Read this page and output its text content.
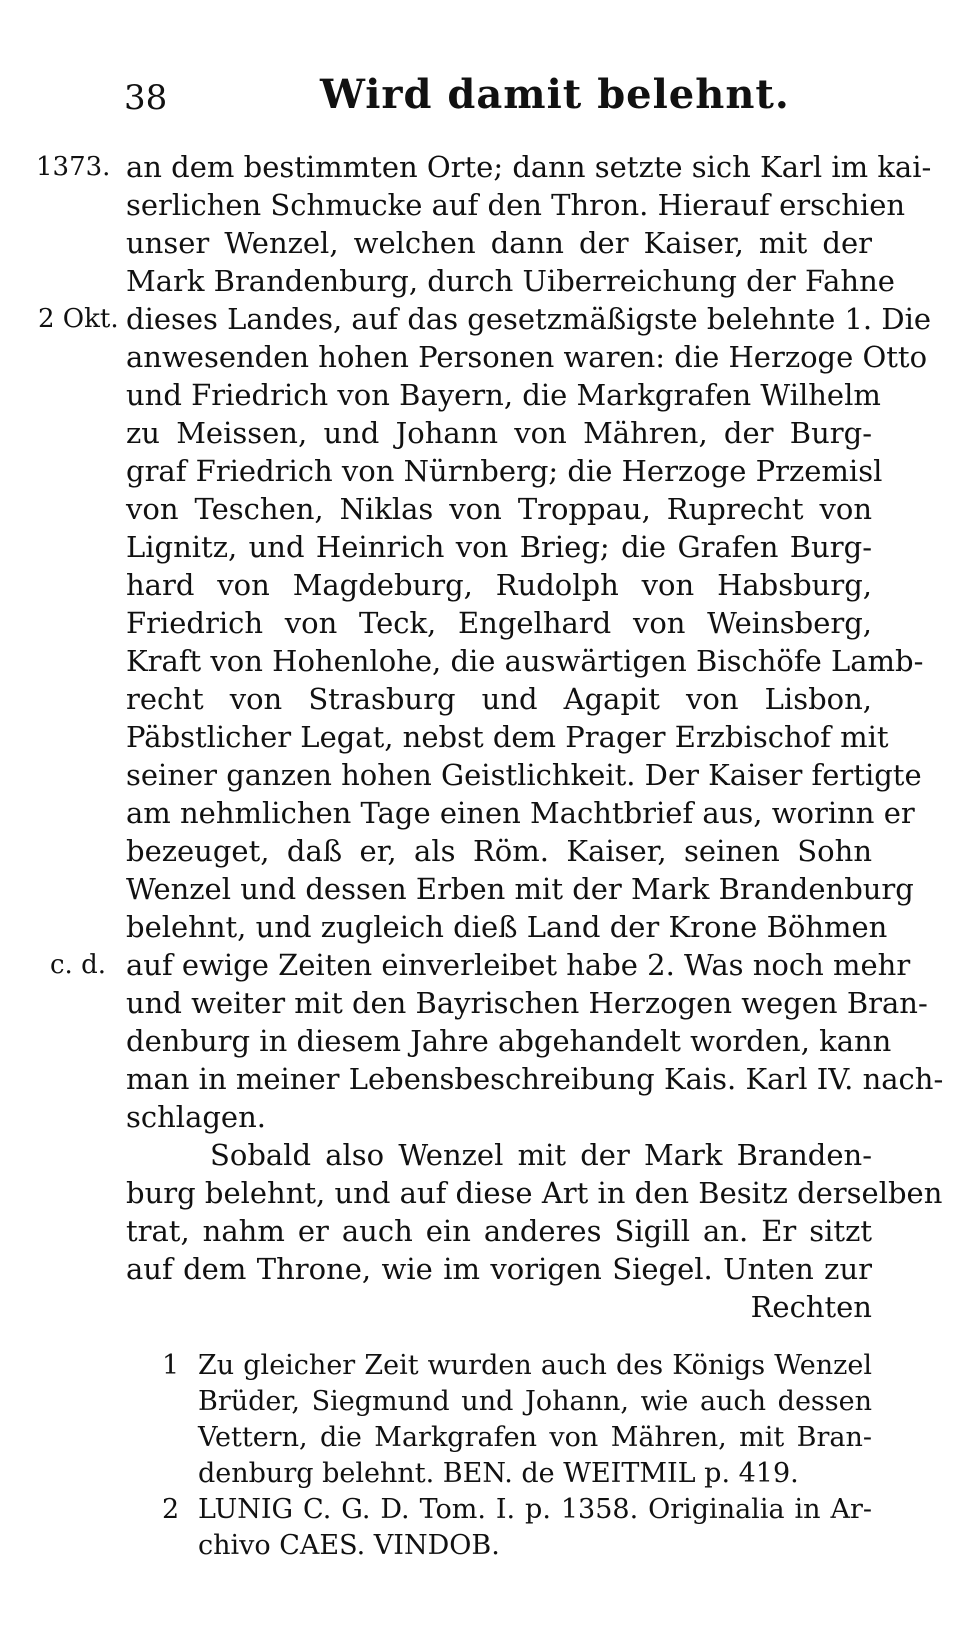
38	Wird damit belehnt.
1373.
2 Okt.
c. d.
an dem bestimmten Orte; dann setzte sich Karl im kai-
serlichen Schmucke auf den Thron. Hierauf erschien
unser Wenzel, welchen dann der Kaiser, mit der
Mark Brandenburg, durch Uiberreichung der Fahne
dieses Landes, auf das gesetzmäßigste belehnte 1. Die
anwesenden hohen Personen waren: die Herzoge Otto
und Friedrich von Bayern, die Markgrafen Wilhelm
zu Meissen, und Johann von Mähren, der Burg-
graf Friedrich von Nürnberg; die Herzoge Przemisl
von Teschen, Niklas von Troppau, Ruprecht von
Lignitz, und Heinrich von Brieg; die Grafen Burg-
hard von Magdeburg, Rudolph von Habsburg,
Friedrich von Teck, Engelhard von Weinsberg,
Kraft von Hohenlohe, die auswärtigen Bischöfe Lamb-
recht von Strasburg und Agapit von Lisbon,
Päbstlicher Legat, nebst dem Prager Erzbischof mit
seiner ganzen hohen Geistlichkeit. Der Kaiser fertigte
am nehmlichen Tage einen Machtbrief aus, worinn er
bezeuget, daß er, als Röm. Kaiser, seinen Sohn
Wenzel und dessen Erben mit der Mark Brandenburg
belehnt, und zugleich dieß Land der Krone Böhmen
auf ewige Zeiten einverleibet habe 2. Was noch mehr
und weiter mit den Bayrischen Herzogen wegen Bran-
denburg in diesem Jahre abgehandelt worden, kann
man in meiner Lebensbeschreibung Kais. Karl IV. nach-
schlagen.
Sobald also Wenzel mit der Mark Branden-
burg belehnt, und auf diese Art in den Besitz derselben
trat, nahm er auch ein anderes Sigill an. Er sitzt
auf dem Throne, wie im vorigen Siegel. Unten zur
Rechten
1 Zu gleicher Zeit wurden auch des Königs Wenzel
Brüder, Siegmund und Johann, wie auch dessen
Vettern, die Markgrafen von Mähren, mit Bran-
denburg belehnt. BEN. de WEITMIL p. 419.
2 LUNIG C. G. D. Tom. I. p. 1358. Originalia in Ar-
chivo CAES. VINDOB.
